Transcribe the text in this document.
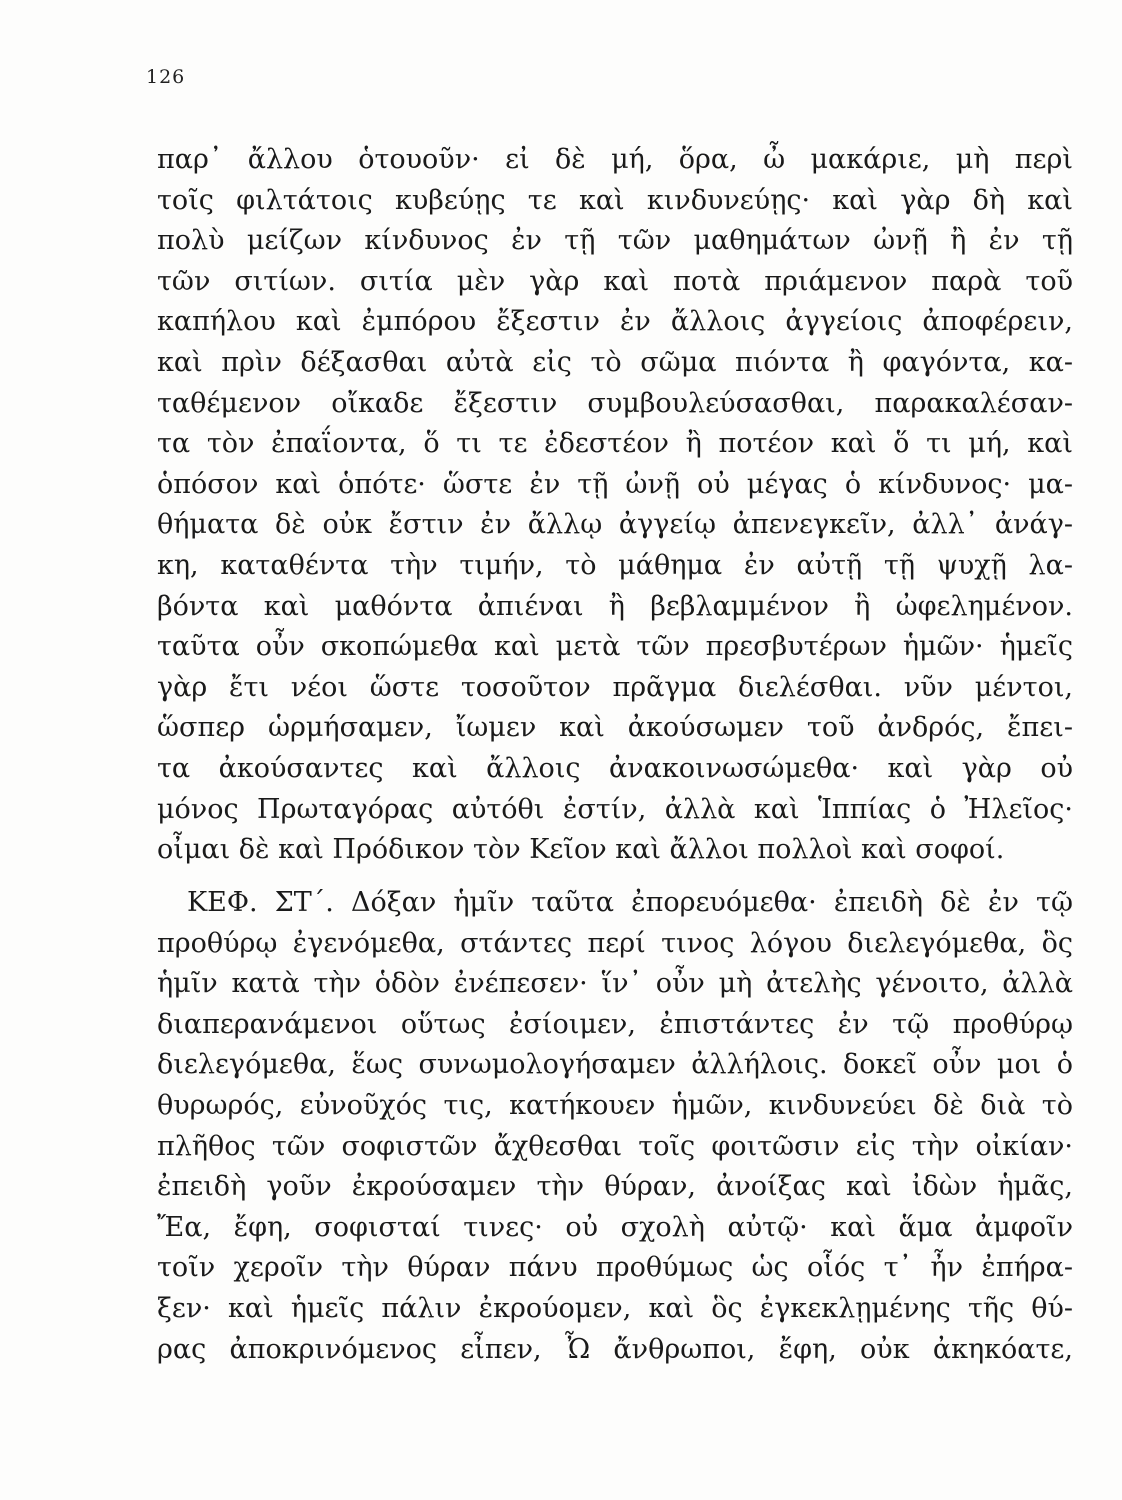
126
παρ᾽ ἄλλου ὁτουοῦν· εἰ δὲ μή, ὅρα, ὦ μακάριε, μὴ περὶ
τοῖς φιλτάτοις κυβεύῃς τε καὶ κινδυνεύῃς· καὶ γὰρ δὴ καὶ
πολὺ μείζων κίνδυνος ἐν τῇ τῶν μαθημάτων ὠνῇ ἢ ἐν τῇ
τῶν σιτίων. σιτία μὲν γὰρ καὶ ποτὰ πριάμενον παρὰ τοῦ
καπήλου καὶ ἐμπόρου ἔξεστιν ἐν ἄλλοις ἀγγείοις ἀποφέρειν,
καὶ πρὶν δέξασθαι αὐτὰ εἰς τὸ σῶμα πιόντα ἢ φαγόντα, κα-
ταθέμενον οἴκαδε ἔξεστιν συμβουλεύσασθαι, παρακαλέσαν-
τα τὸν ἐπαΐοντα, ὅ τι τε ἐδεστέον ἢ ποτέον καὶ ὅ τι μή, καὶ
ὁπόσον καὶ ὁπότε· ὥστε ἐν τῇ ὠνῇ οὐ μέγας ὁ κίνδυνος· μα-
θήματα δὲ οὐκ ἔστιν ἐν ἄλλῳ ἀγγείῳ ἀπενεγκεῖν, ἀλλ᾽ ἀνάγ-
κη, καταθέντα τὴν τιμήν, τὸ μάθημα ἐν αὐτῇ τῇ ψυχῇ λα-
βόντα καὶ μαθόντα ἀπιέναι ἢ βεβλαμμένον ἢ ὠφελημένον.
ταῦτα οὖν σκοπώμεθα καὶ μετὰ τῶν πρεσβυτέρων ἡμῶν· ἡμεῖς
γὰρ ἔτι νέοι ὥστε τοσοῦτον πρᾶγμα διελέσθαι. νῦν μέντοι,
ὥσπερ ὡρμήσαμεν, ἴωμεν καὶ ἀκούσωμεν τοῦ ἀνδρός, ἔπει-
τα ἀκούσαντες καὶ ἄλλοις ἀνακοινωσώμεθα· καὶ γὰρ οὐ
μόνος Πρωταγόρας αὐτόθι ἐστίν, ἀλλὰ καὶ Ἱππίας ὁ Ἠλεῖος·
οἶμαι δὲ καὶ Πρόδικον τὸν Κεῖον καὶ ἄλλοι πολλοὶ καὶ σοφοί.
ΚΕΦ. ΣΤ΄. Δόξαν ἡμῖν ταῦτα ἐπορευόμεθα· ἐπειδὴ δὲ ἐν τῷ
προθύρῳ ἐγενόμεθα, στάντες περί τινος λόγου διελεγόμεθα, ὃς
ἡμῖν κατὰ τὴν ὁδὸν ἐνέπεσεν· ἵν᾽ οὖν μὴ ἀτελὴς γένοιτο, ἀλλὰ
διαπερανάμενοι οὕτως ἐσίοιμεν, ἐπιστάντες ἐν τῷ προθύρῳ
διελεγόμεθα, ἕως συνωμολογήσαμεν ἀλλήλοις. δοκεῖ οὖν μοι ὁ
θυρωρός, εὐνοῦχός τις, κατήκουεν ἡμῶν, κινδυνεύει δὲ διὰ τὸ
πλῆθος τῶν σοφιστῶν ἄχθεσθαι τοῖς φοιτῶσιν εἰς τὴν οἰκίαν·
ἐπειδὴ γοῦν ἐκρούσαμεν τὴν θύραν, ἀνοίξας καὶ ἰδὼν ἡμᾶς,
Ἔα, ἔφη, σοφισταί τινες· οὐ σχολὴ αὐτῷ· καὶ ἅμα ἀμφοῖν
τοῖν χεροῖν τὴν θύραν πάνυ προθύμως ὡς οἷός τ᾽ ἦν ἐπήρα-
ξεν· καὶ ἡμεῖς πάλιν ἐκρούομεν, καὶ ὃς ἐγκεκλῃμένης τῆς θύ-
ρας ἀποκρινόμενος εἶπεν, Ὦ ἄνθρωποι, ἔφη, οὐκ ἀκηκόατε,
